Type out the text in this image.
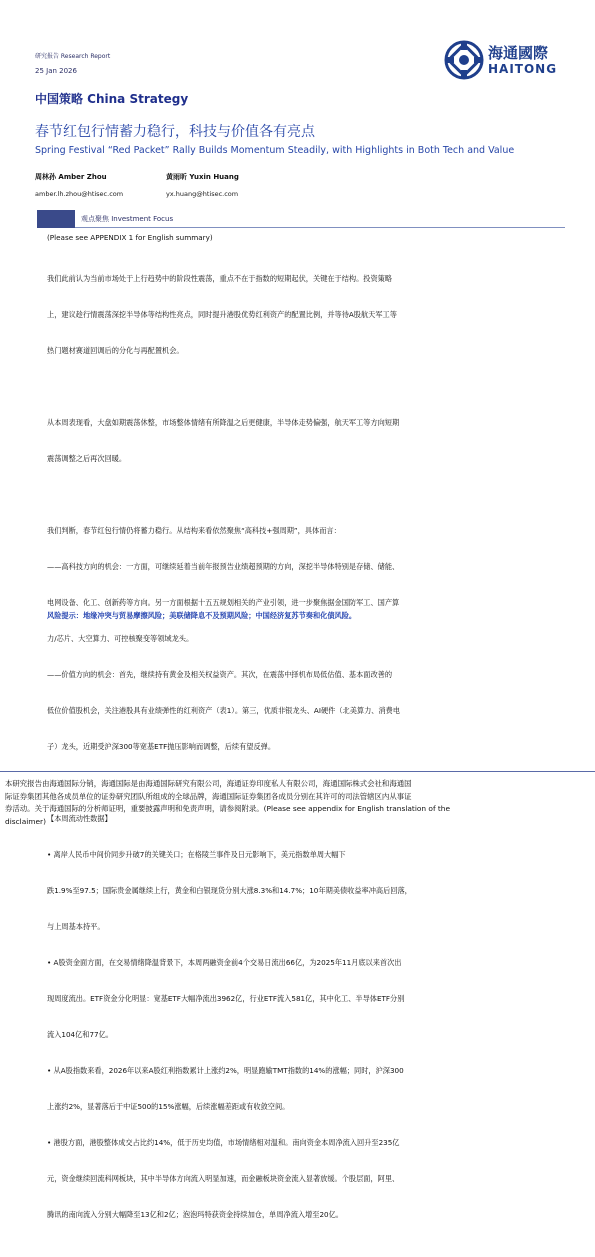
研究报告 Research Report
25 Jan 2026
海通國際
HAITONG
中国策略 China Strategy
春节红包行情蓄力稳行，科技与价值各有亮点
Spring Festival “Red Packet” Rally Builds Momentum Steadily, with Highlights in Both Tech and Value
周林孙 Amber Zhou
amber.lh.zhou@htisec.com
黄雨昕 Yuxin Huang
yx.huang@htisec.com
观点聚焦 Investment Focus
(Please see APPENDIX 1 for English summary)

我们此前认为当前市场处于上行趋势中的阶段性震荡，重点不在于指数的短期起伏，关键在于结构。投资策略

上，建议趁行情震荡深挖半导体等结构性亮点，同时提升港股优势红利资产的配置比例，并等待A股航天军工等

热门题材赛道回调后的分化与再配置机会。

从本周表现看，大盘如期震荡休整，市场整体情绪有所降温之后更健康，半导体走势偏强，航天军工等方向短期

震荡调整之后再次回暖。

我们判断，春节红包行情仍将蓄力稳行。从结构来看依然聚焦“高科技+强周期”，具体而言：

——高科技方向的机会：一方面，可继续延着当前年报预告业绩超预期的方向，深挖半导体特别是存储、储能、

电网设备、化工、创新药等方向。另一方面根据十五五规划相关的产业引领，进一步聚焦据金国防军工、国产算

力/芯片、大空算力、可控核聚变等领域龙头。

——价值方向的机会：首先，继续持有黄金及相关权益资产。其次，在震荡中择机布局低估值、基本面改善的

低位价值股机会，关注港股具有业绩弹性的红利资产（表1）。第三，优质非银龙头、AI硬件（北美算力、消费电

子）龙头，近期受沪深300等宽基ETF抛压影响而调整，后续有望反弹。

【本周流动性数据】

• 离岸人民币中间价同步升破7的关键关口；在格陵兰事件及日元影响下，美元指数单周大幅下

跌1.9%至97.5；国际贵金属继续上行，黄金和白银现货分别大涨8.3%和14.7%；10年期美债收益率冲高后回落，

与上周基本持平。

• A股资金面方面，在交易情绪降温背景下，本周两融资金前4个交易日流出66亿，为2025年11月底以来首次出

现周度流出。ETF资金分化明显：宽基ETF大幅净流出3962亿，行业ETF流入581亿，其中化工、半导体ETF分别

流入104亿和77亿。

• 从A股指数来看，2026年以来A股红利指数累计上涨约2%，明显跑输TMT指数的14%的涨幅；同时，沪深300

上涨约2%，显著落后于中证500的15%涨幅，后续涨幅差距或有收敛空间。

• 港股方面，港股整体成交占比约14%，低于历史均值，市场情绪相对温和。南向资金本周净流入回升至235亿

元，资金继续回流科网板块，其中半导体方向流入明显加速，而金融板块资金流入显著放缓。个股层面，阿里、

腾讯的南向流入分别大幅降至13亿和2亿；泡泡玛特获资金持续加仓，单周净流入增至20亿。

风险提示：地缘冲突与贸易摩擦风险；美联储降息不及预期风险；中国经济复苏节奏和化债风险。
本研究报告由海通国际分销，海通国际是由海通国际研究有限公司，海通证券印度私人有限公司，海通国际株式会社和海通国
际证券集团其他各成员单位的证券研究团队所组成的全球品牌，海通国际证券集团各成员分别在其许可的司法管辖区内从事证
券活动。关于海通国际的分析师证明，重要披露声明和免责声明，请参阅附录。(Please see appendix for English translation of the
disclaimer)
